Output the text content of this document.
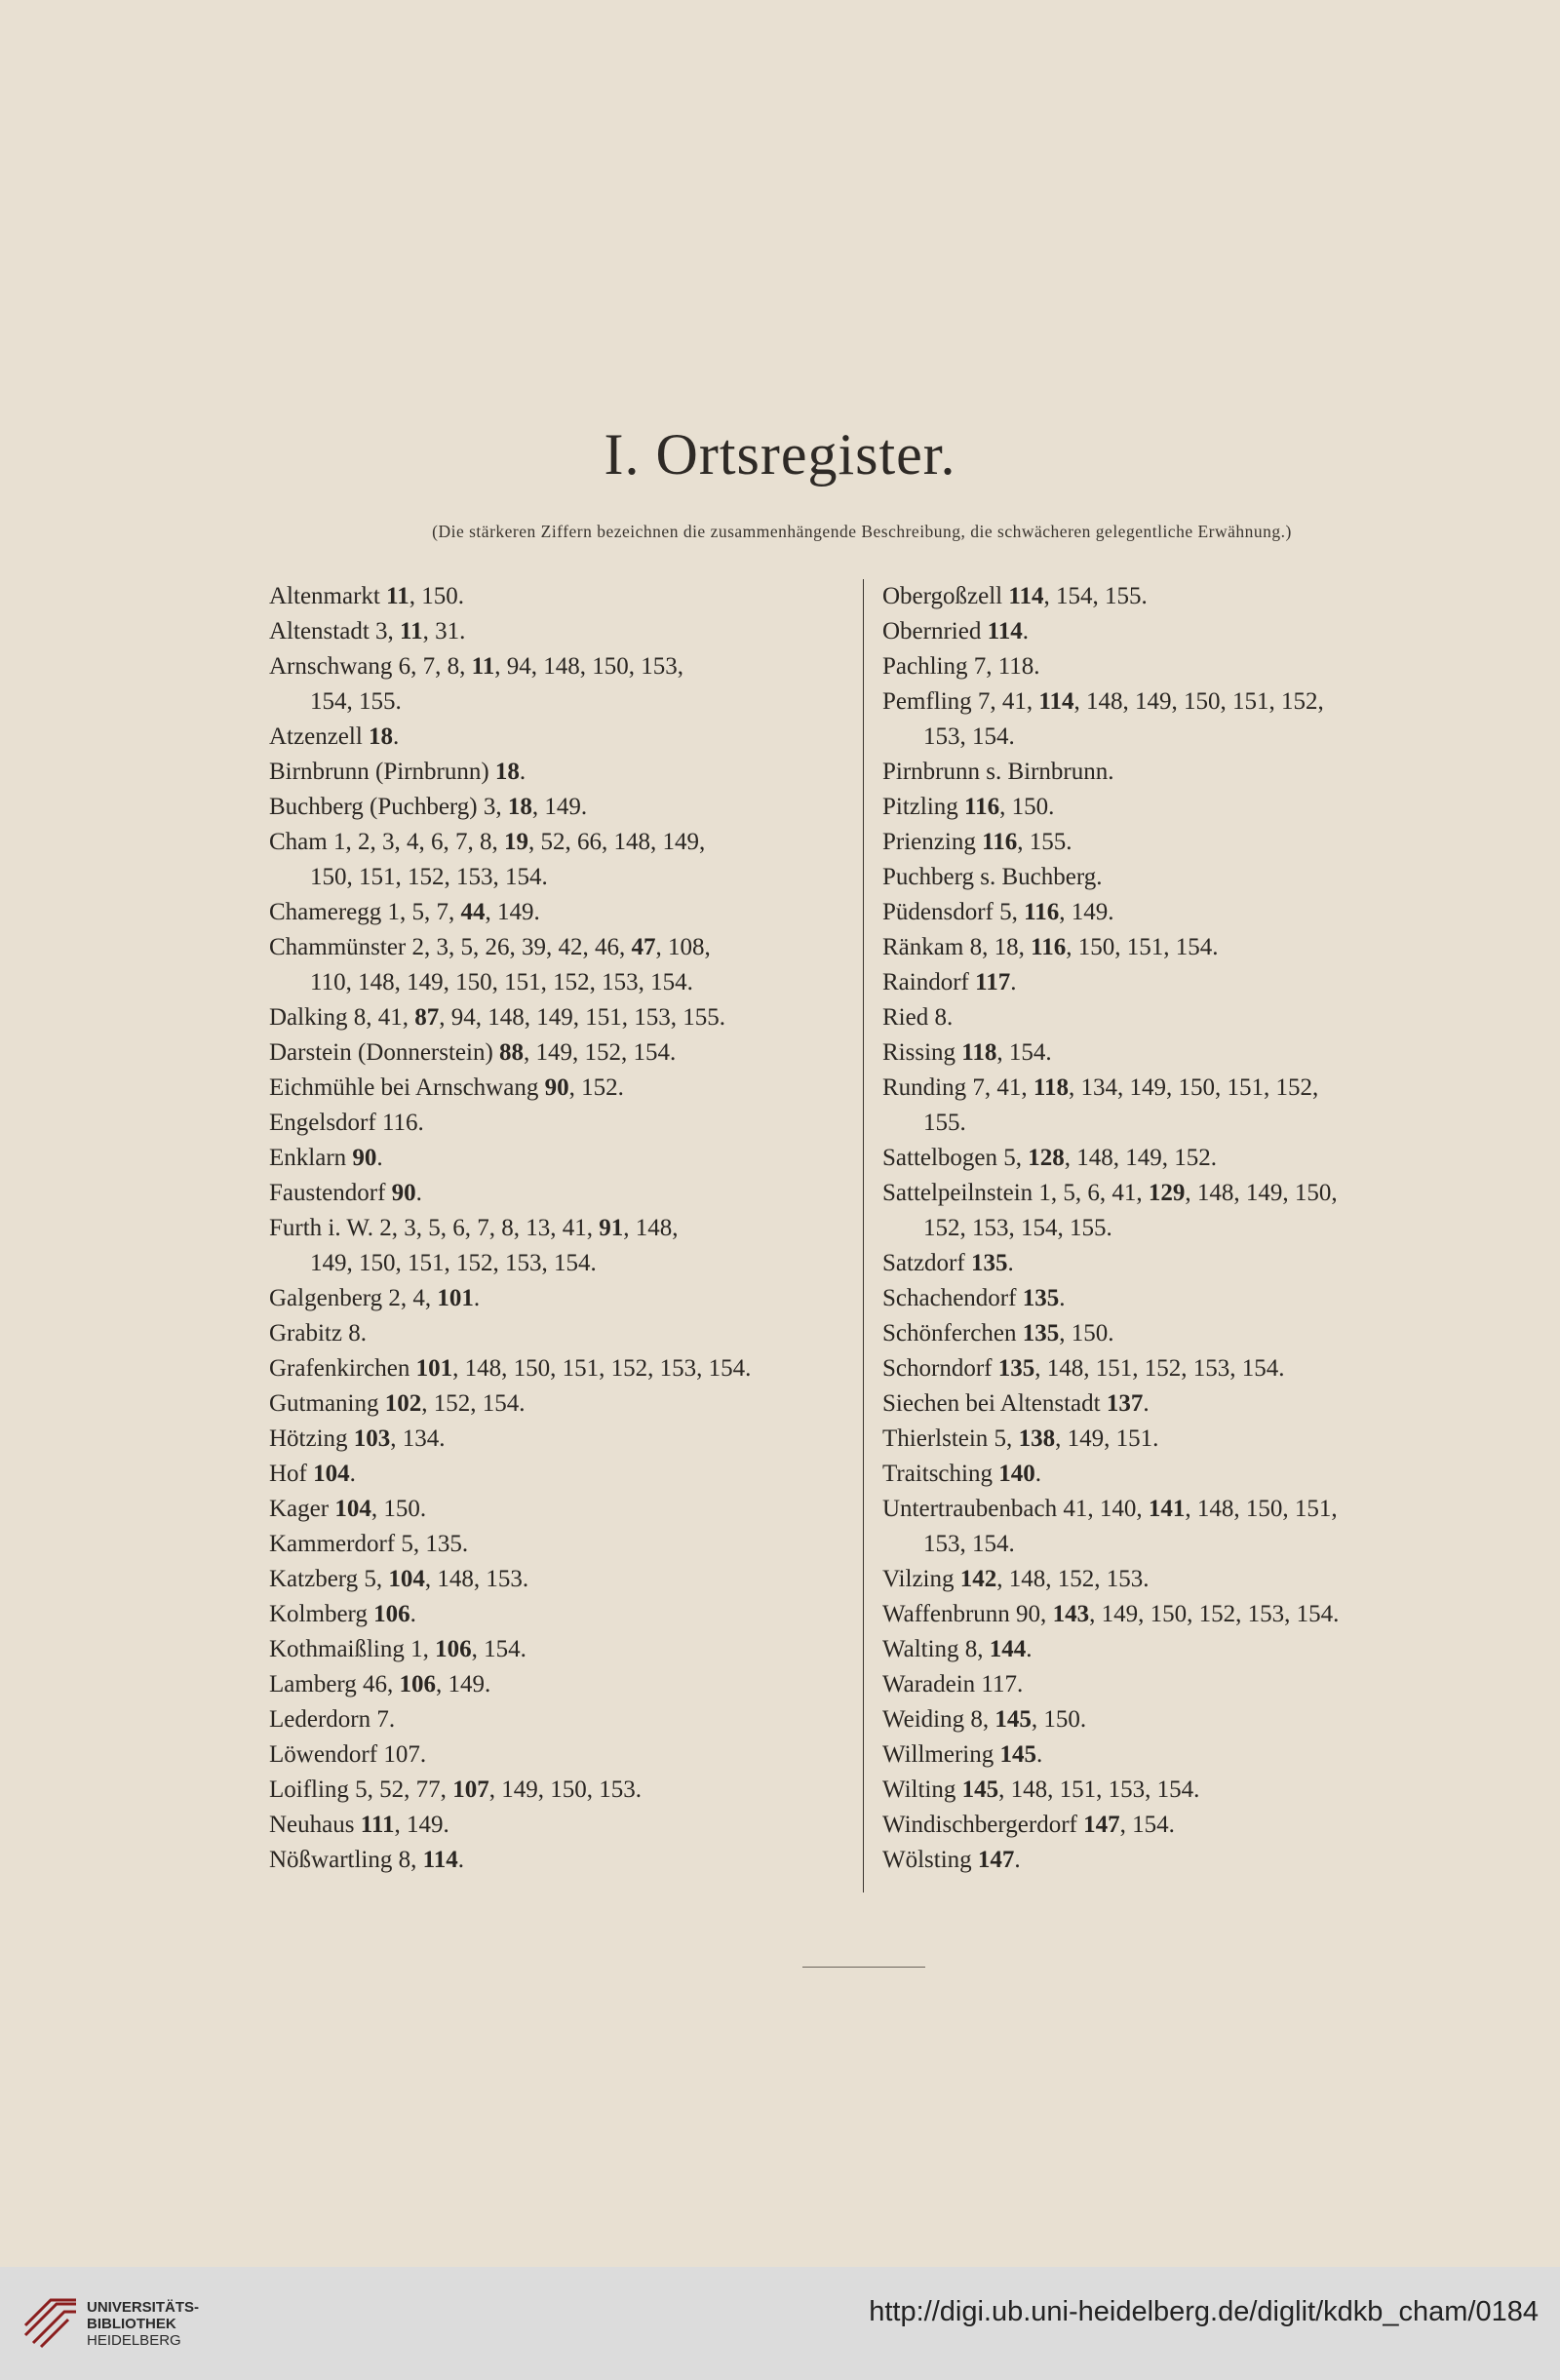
I. Ortsregister.
(Die stärkeren Ziffern bezeichnen die zusammenhängende Beschreibung, die schwächeren gelegentliche Erwähnung.)
Altenmarkt 11, 150.
Altenstadt 3, 11, 31.
Arnschwang 6, 7, 8, 11, 94, 148, 150, 153,
154, 155.
Atzenzell 18.
Birnbrunn (Pirnbrunn) 18.
Buchberg (Puchberg) 3, 18, 149.
Cham 1, 2, 3, 4, 6, 7, 8, 19, 52, 66, 148, 149,
150, 151, 152, 153, 154.
Chameregg 1, 5, 7, 44, 149.
Chammünster 2, 3, 5, 26, 39, 42, 46, 47, 108,
110, 148, 149, 150, 151, 152, 153, 154.
Dalking 8, 41, 87, 94, 148, 149, 151, 153, 155.
Darstein (Donnerstein) 88, 149, 152, 154.
Eichmühle bei Arnschwang 90, 152.
Engelsdorf 116.
Enklarn 90.
Faustendorf 90.
Furth i. W. 2, 3, 5, 6, 7, 8, 13, 41, 91, 148,
149, 150, 151, 152, 153, 154.
Galgenberg 2, 4, 101.
Grabitz 8.
Grafenkirchen 101, 148, 150, 151, 152, 153, 154.
Gutmaning 102, 152, 154.
Hötzing 103, 134.
Hof 104.
Kager 104, 150.
Kammerdorf 5, 135.
Katzberg 5, 104, 148, 153.
Kolmberg 106.
Kothmaißling 1, 106, 154.
Lamberg 46, 106, 149.
Lederdorn 7.
Löwendorf 107.
Loifling 5, 52, 77, 107, 149, 150, 153.
Neuhaus 111, 149.
Nößwartling 8, 114.
Obergoßzell 114, 154, 155.
Obernried 114.
Pachling 7, 118.
Pemfling 7, 41, 114, 148, 149, 150, 151, 152,
153, 154.
Pirnbrunn s. Birnbrunn.
Pitzling 116, 150.
Prienzing 116, 155.
Puchberg s. Buchberg.
Püdensdorf 5, 116, 149.
Ränkam 8, 18, 116, 150, 151, 154.
Raindorf 117.
Ried 8.
Rissing 118, 154.
Runding 7, 41, 118, 134, 149, 150, 151, 152,
155.
Sattelbogen 5, 128, 148, 149, 152.
Sattelpeilnstein 1, 5, 6, 41, 129, 148, 149, 150,
152, 153, 154, 155.
Satzdorf 135.
Schachendorf 135.
Schönferchen 135, 150.
Schorndorf 135, 148, 151, 152, 153, 154.
Siechen bei Altenstadt 137.
Thierlstein 5, 138, 149, 151.
Traitsching 140.
Untertraubenbach 41, 140, 141, 148, 150, 151,
153, 154.
Vilzing 142, 148, 152, 153.
Waffenbrunn 90, 143, 149, 150, 152, 153, 154.
Walting 8, 144.
Waradein 117.
Weiding 8, 145, 150.
Willmering 145.
Wilting 145, 148, 151, 153, 154.
Windischbergerdorf 147, 154.
Wölsting 147.
UNIVERSITÄTS-
BIBLIOTHEK
HEIDELBERG
http://digi.ub.uni-heidelberg.de/diglit/kdkb_cham/0184
